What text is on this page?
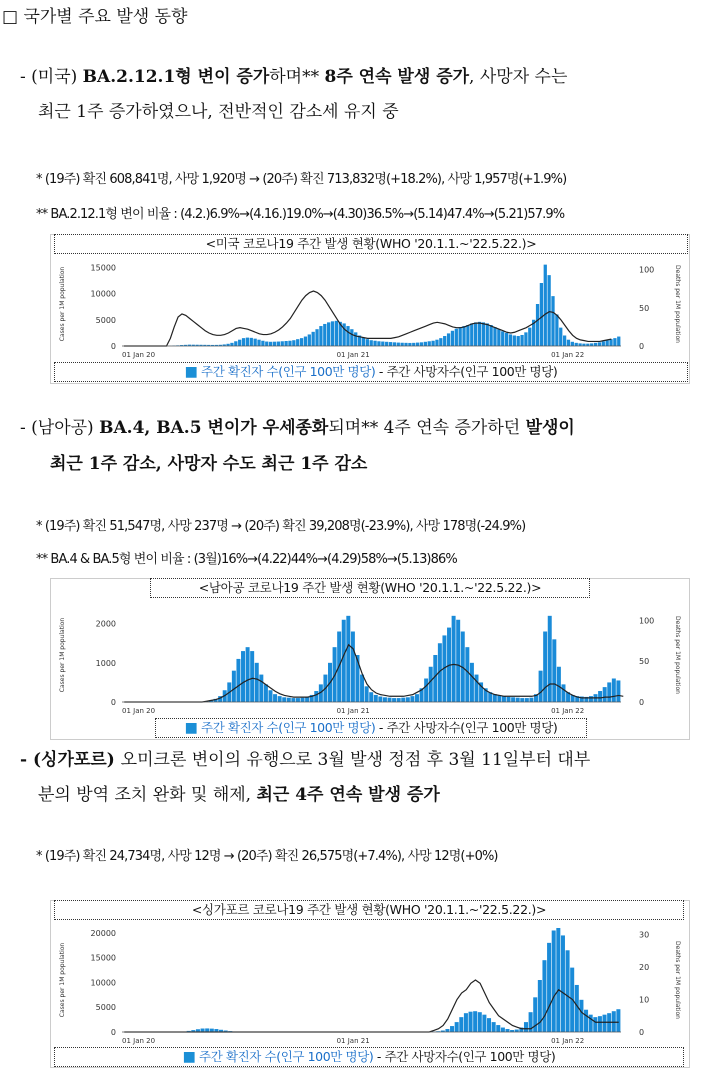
□ 국가별 주요 발생 동향
- (미국) BA.2.12.1형 변이 증가하며** 8주 연속 발생 증가, 사망자 수는
최근 1주 증가하였으나, 전반적인 감소세 유지 중
* (19주) 확진 608,841명, 사망 1,920명 → (20주) 확진 713,832명(+18.2%), 사망 1,957명(+1.9%)
** BA.2.12.1형 변이 비율 : (4.2.)6.9%→(4.16.)19.0%→(4.30)36.5%→(5.14)47.4%→(5.21)57.9%
<미국 코로나19 주간 발생 현황(WHO '20.1.1.~'22.5.22.)>
Cases per 1M population	Deaths per 1M population
0
5000
10000
15000
0
50
100
01 Jan 20	01 Jan 21	01 Jan 22
■ 주간 확진자 수(인구 100만 명당) - 주간 사망자수(인구 100만 명당)
- (남아공) BA.4, BA.5 변이가 우세종화되며** 4주 연속 증가하던 발생이
최근 1주 감소, 사망자 수도 최근 1주 감소
* (19주) 확진 51,547명, 사망 237명 → (20주) 확진 39,208명(-23.9%), 사망 178명(-24.9%)
** BA.4 & BA.5형 변이 비율 : (3월)16%→(4.22)44%→(4.29)58%→(5.13)86%
<남아공 코로나19 주간 발생 현황(WHO '20.1.1.~'22.5.22.)>
Cases per 1M population	Deaths per 1M population
0
1000
2000
0
50
100
01 Jan 20	01 Jan 21	01 Jan 22
■ 주간 확진자 수(인구 100만 명당) - 주간 사망자수(인구 100만 명당)
- (싱가포르) 오미크론 변이의 유행으로 3월 발생 정점 후 3월 11일부터 대부
분의 방역 조치 완화 및 해제, 최근 4주 연속 발생 증가
* (19주) 확진 24,734명, 사망 12명 → (20주) 확진 26,575명(+7.4%), 사망 12명(+0%)
<싱가포르 코로나19 주간 발생 현황(WHO '20.1.1.~'22.5.22.)>
Cases per 1M population	Deaths per 1M population
0
5000
10000
15000
20000
0
10
20
30
01 Jan 20	01 Jan 21	01 Jan 22
■ 주간 확진자 수(인구 100만 명당) - 주간 사망자수(인구 100만 명당)
